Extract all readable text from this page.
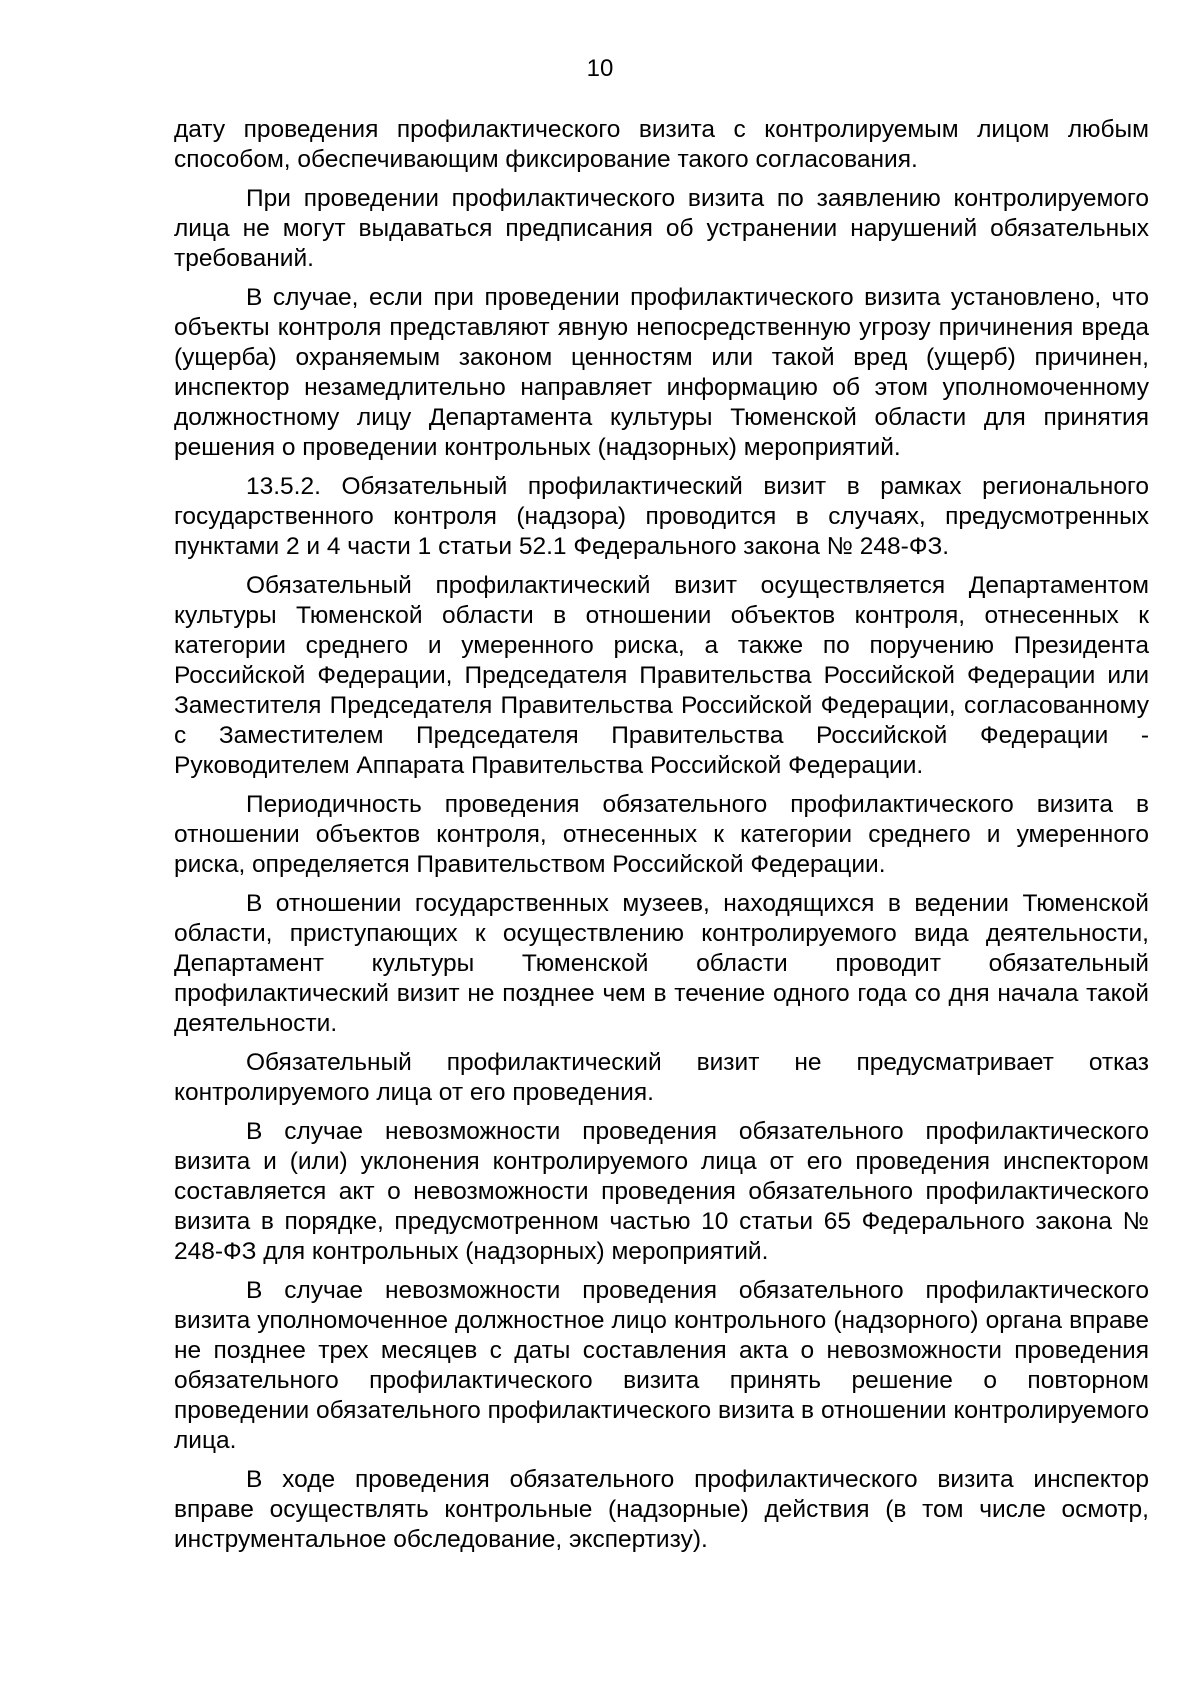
10

дату проведения профилактического визита с контролируемым лицом любым способом, обеспечивающим фиксирование такого согласования.

При проведении профилактического визита по заявлению контролируемого лица не могут выдаваться предписания об устранении нарушений обязательных требований.

В случае, если при проведении профилактического визита установлено, что объекты контроля представляют явную непосредственную угрозу причинения вреда (ущерба) охраняемым законом ценностям или такой вред (ущерб) причинен, инспектор незамедлительно направляет информацию об этом уполномоченному должностному лицу Департамента культуры Тюменской области для принятия решения о проведении контрольных (надзорных) мероприятий.

13.5.2. Обязательный профилактический визит в рамках регионального государственного контроля (надзора) проводится в случаях, предусмотренных пунктами 2 и 4 части 1 статьи 52.1 Федерального закона № 248-ФЗ.

Обязательный профилактический визит осуществляется Департаментом культуры Тюменской области в отношении объектов контроля, отнесенных к категории среднего и умеренного риска, а также по поручению Президента Российской Федерации, Председателя Правительства Российской Федерации или Заместителя Председателя Правительства Российской Федерации, согласованному с Заместителем Председателя Правительства Российской Федерации - Руководителем Аппарата Правительства Российской Федерации.

Периодичность проведения обязательного профилактического визита в отношении объектов контроля, отнесенных к категории среднего и умеренного риска, определяется Правительством Российской Федерации.

В отношении государственных музеев, находящихся в ведении Тюменской области, приступающих к осуществлению контролируемого вида деятельности, Департамент культуры Тюменской области проводит обязательный профилактический визит не позднее чем в течение одного года со дня начала такой деятельности.

Обязательный профилактический визит не предусматривает отказ контролируемого лица от его проведения.

В случае невозможности проведения обязательного профилактического визита и (или) уклонения контролируемого лица от его проведения инспектором составляется акт о невозможности проведения обязательного профилактического визита в порядке, предусмотренном частью 10 статьи 65 Федерального закона № 248-ФЗ для контрольных (надзорных) мероприятий.

В случае невозможности проведения обязательного профилактического визита уполномоченное должностное лицо контрольного (надзорного) органа вправе не позднее трех месяцев с даты составления акта о невозможности проведения обязательного профилактического визита принять решение о повторном проведении обязательного профилактического визита в отношении контролируемого лица.

В ходе проведения обязательного профилактического визита инспектор вправе осуществлять контрольные (надзорные) действия (в том числе осмотр, инструментальное обследование, экспертизу).
